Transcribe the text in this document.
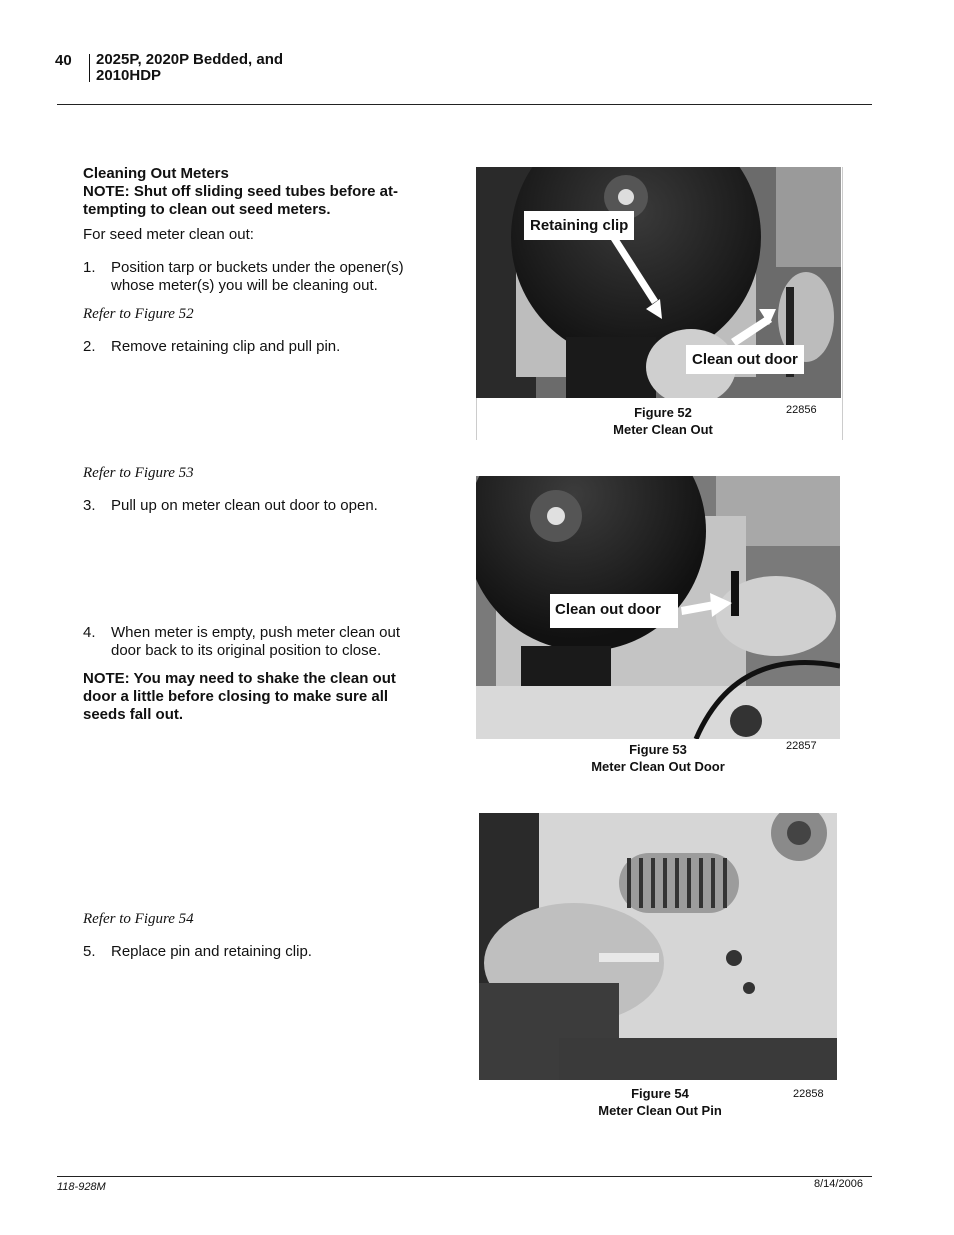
40 2025P, 2020P Bedded, and
2010HDP
Cleaning Out Meters
NOTE: Shut off sliding seed tubes before at-
tempting to clean out seed meters.
For seed meter clean out:
1.	Position tarp or buckets under the opener(s)
whose meter(s) you will be cleaning out.
Refer to Figure 52
2.	Remove retaining clip and pull pin.
Refer to Figure 53
3.	Pull up on meter clean out door to open.
4.	When meter is empty, push meter clean out
door back to its original position to close.
NOTE: You may need to shake the clean out
door a little before closing to make sure all
seeds fall out.
Refer to Figure 54
5.	Replace pin and retaining clip.
Retaining clip
Clean out door
Figure 52
Meter Clean Out
22856
Clean out door
Figure 53
Meter Clean Out Door
22857
Figure 54
Meter Clean Out Pin
22858
118-928M	8/14/2006
